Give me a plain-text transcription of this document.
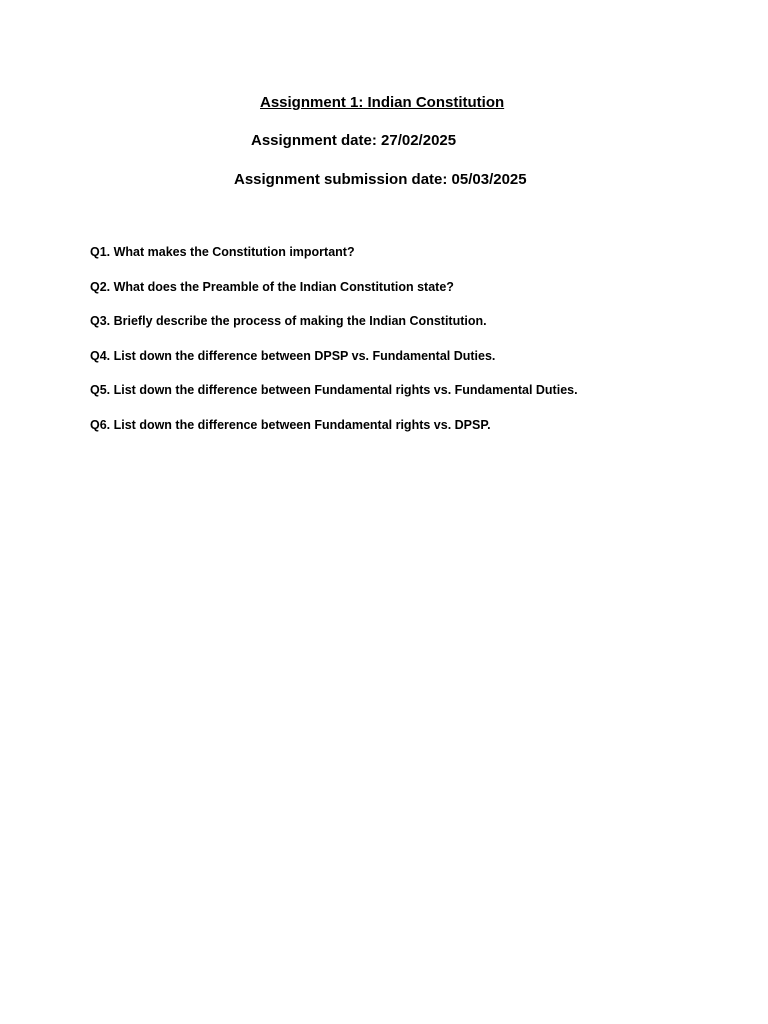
Assignment 1: Indian Constitution
Assignment date: 27/02/2025
Assignment submission date: 05/03/2025
Q1. What makes the Constitution important?
Q2. What does the Preamble of the Indian Constitution state?
Q3. Briefly describe the process of making the Indian Constitution.
Q4. List down the difference between DPSP vs. Fundamental Duties.
Q5. List down the difference between Fundamental rights vs. Fundamental Duties.
Q6. List down the difference between Fundamental rights vs. DPSP.
